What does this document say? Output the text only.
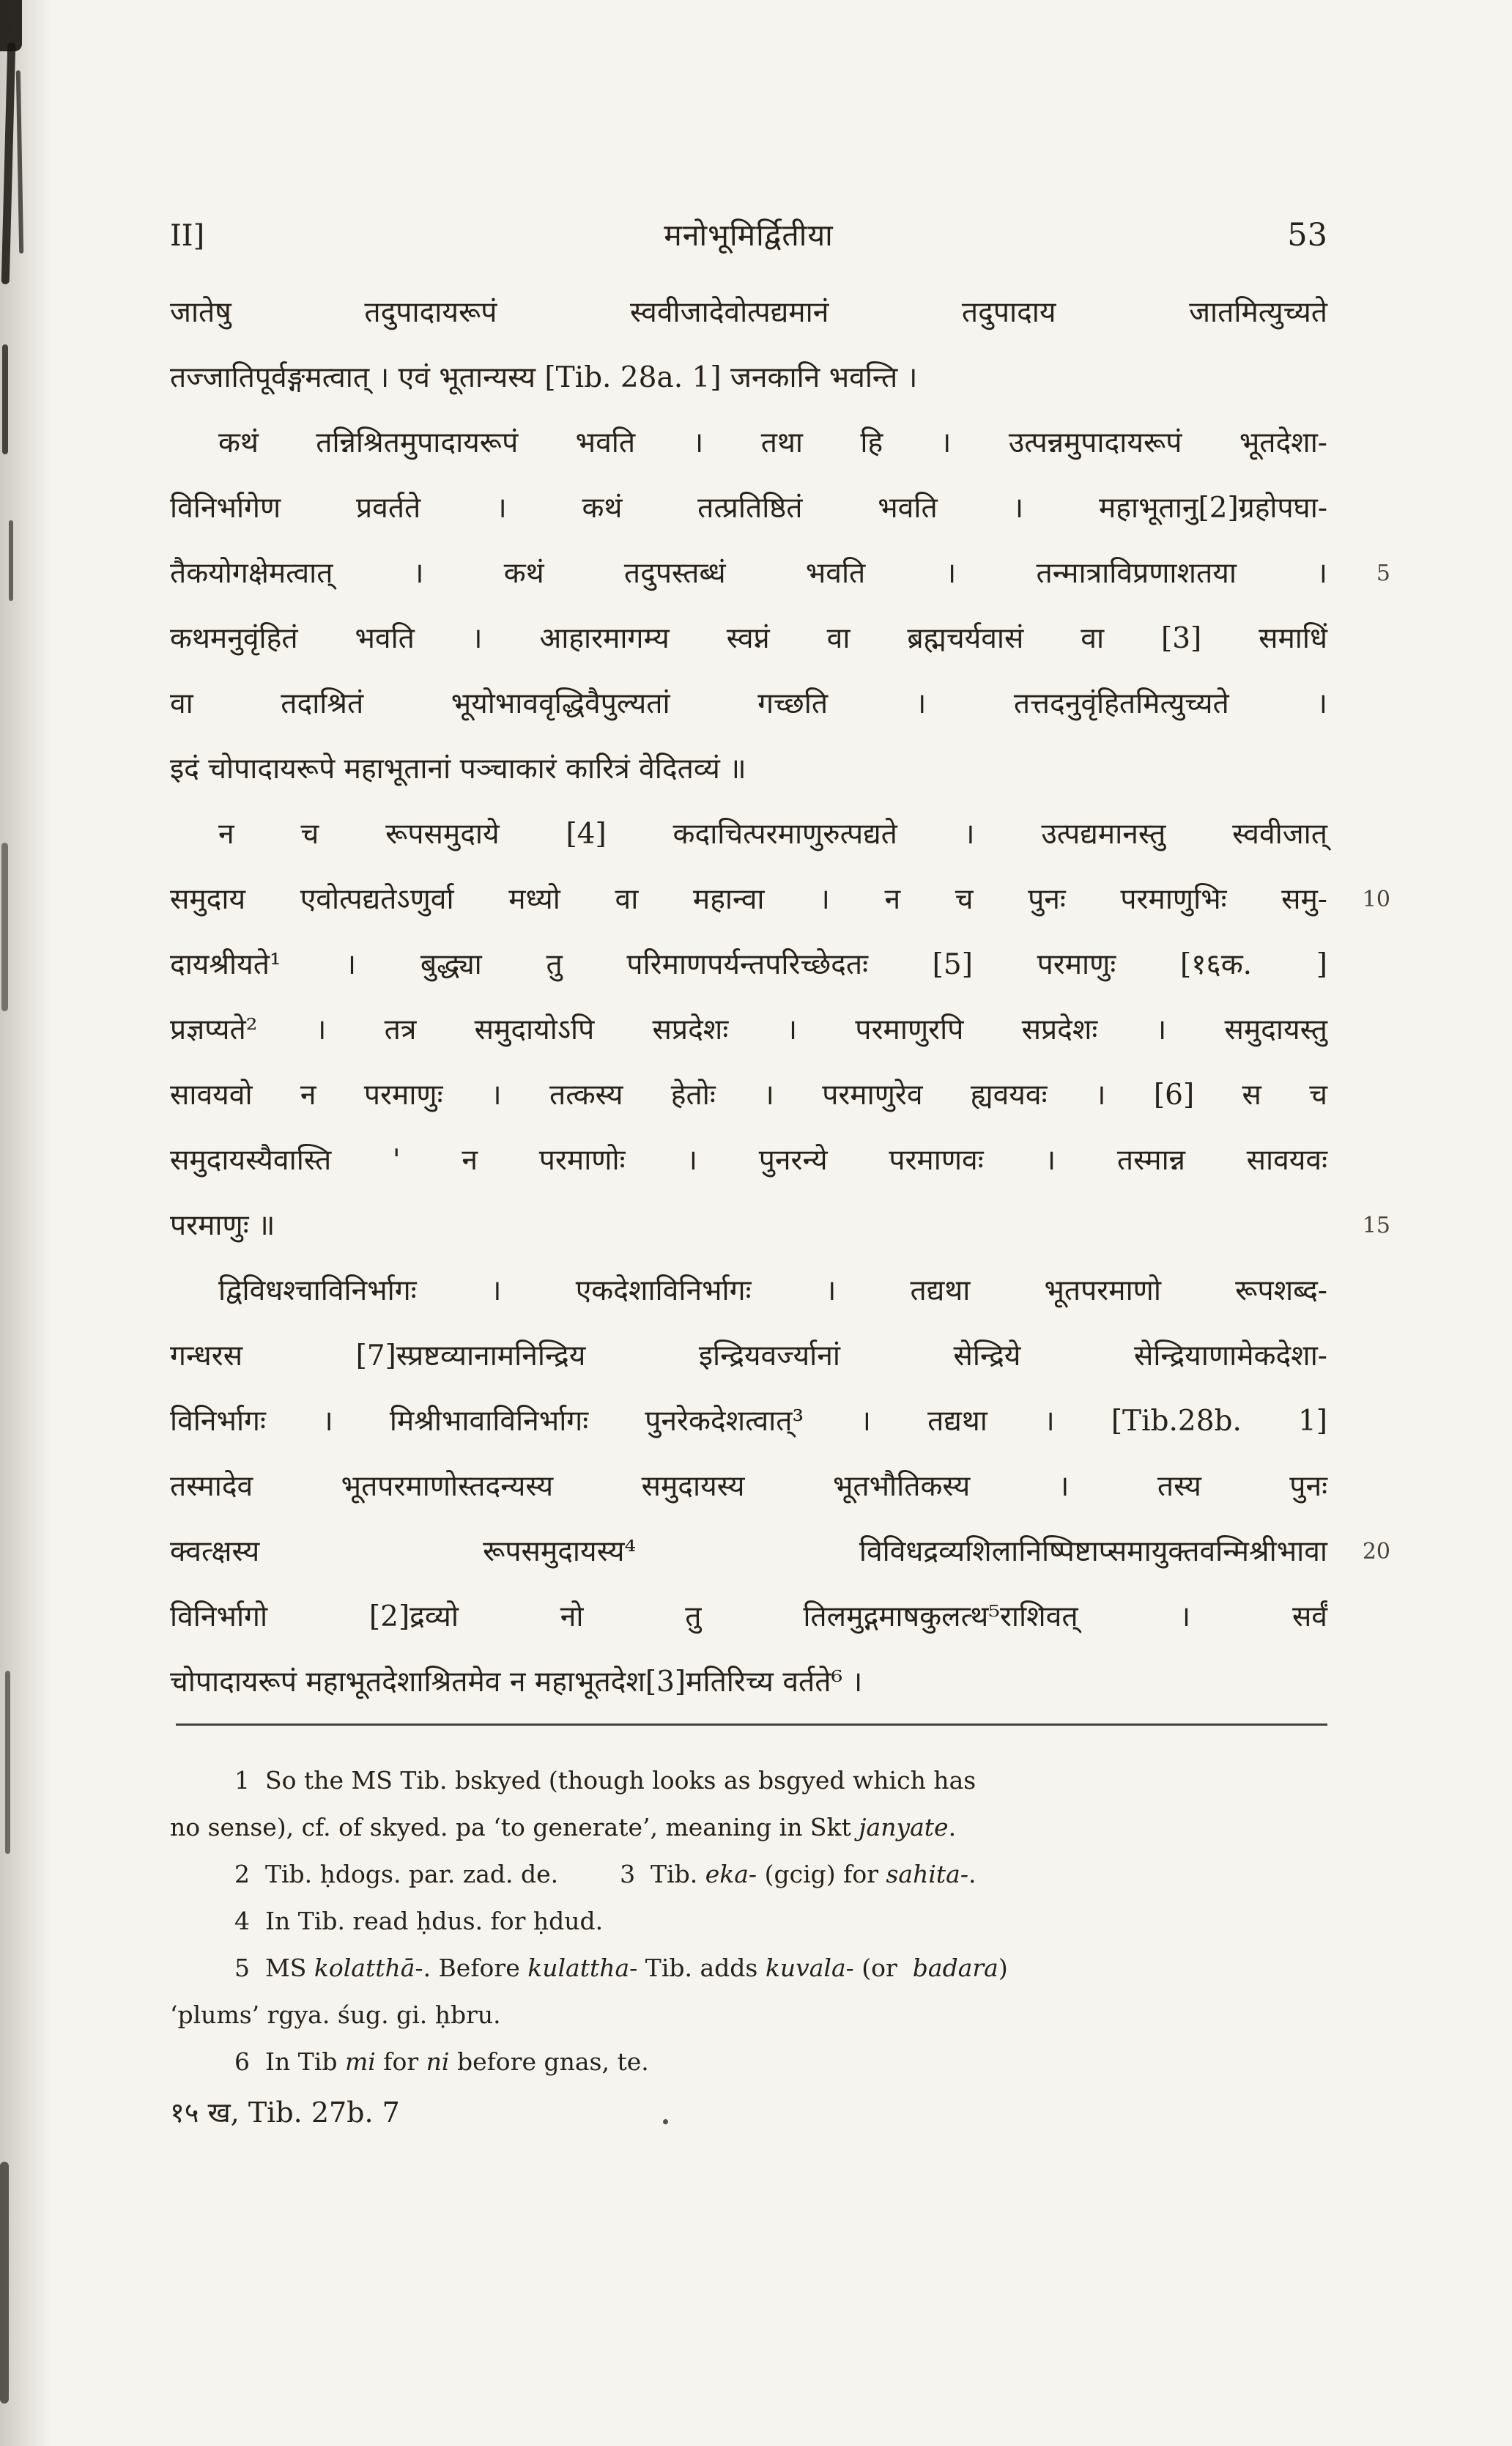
II]	मनोभूमिर्द्वितीया	53
जातेषु तदुपादायरूपं स्ववीजादेवोत्पद्यमानं तदुपादाय जातमित्युच्यते
तज्जातिपूर्वङ्गमत्वात् । एवं भूतान्यस्य [Tib. 28a. 1] जनकानि भवन्ति ।
कथं तन्निश्रितमुपादायरूपं भवति । तथा हि । उत्पन्नमुपादायरूपं भूतदेशा-
विनिर्भागेण प्रवर्तते । कथं तत्प्रतिष्ठितं भवति । महाभूतानु[2]ग्रहोपघा-
तैकयोगक्षेमत्वात् । कथं तदुपस्तब्धं भवति । तन्मात्राविप्रणाशतया । 5
कथमनुवृंहितं भवति । आहारमागम्य स्वप्नं वा ब्रह्मचर्यवासं वा [3] समाधिं
वा तदाश्रितं भूयोभाववृद्धिवैपुल्यतां गच्छति । तत्तदनुवृंहितमित्युच्यते ।
इदं चोपादायरूपे महाभूतानां पञ्चाकारं कारित्रं वेदितव्यं ॥
न च रूपसमुदाये [4] कदाचित्परमाणुरुत्पद्यते । उत्पद्यमानस्तु स्ववीजात्
समुदाय एवोत्पद्यतेऽणुर्वा मध्यो वा महान्वा । न च पुनः परमाणुभिः समु- 10
दायश्रीयते¹ । बुद्ध्या तु परिमाणपर्यन्तपरिच्छेदतः [5] परमाणुः [१६क. ]
प्रज्ञप्यते² । तत्र समुदायोऽपि सप्रदेशः । परमाणुरपि सप्रदेशः । समुदायस्तु
सावयवो न परमाणुः । तत्कस्य हेतोः । परमाणुरेव ह्यवयवः । [6] स च
समुदायस्यैवास्ति ' न परमाणोः । पुनरन्ये परमाणवः । तस्मान्न सावयवः
परमाणुः ॥	15
द्विविधश्चाविनिर्भागः । एकदेशाविनिर्भागः । तद्यथा भूतपरमाणो रूपशब्द-
गन्धरस [7]स्प्रष्टव्यानामनिन्द्रिय इन्द्रियवर्ज्यानां सेन्द्रिये सेन्द्रियाणामेकदेशा-
विनिर्भागः । मिश्रीभावाविनिर्भागः पुनरेकदेशत्वात्³ । तद्यथा । [Tib.28b. 1]
तस्मादेव भूतपरमाणोस्तदन्यस्य समुदायस्य भूतभौतिकस्य । तस्य पुनः
क्वत्क्षस्य रूपसमुदायस्य⁴ विविधद्रव्यशिलानिष्पिष्टाप्समायुक्तवन्मिश्रीभावा 20
विनिर्भागो [2]द्रव्यो नो तु तिलमुद्गमाषकुलत्थ⁵राशिवत् । सर्वं
चोपादायरूपं महाभूतदेशाश्रितमेव न महाभूतदेश[3]मतिरिच्य वर्तते⁶ ।
1  So the MS Tib. bskyed (though looks as bsgyed which has
no sense), cf. of skyed. pa ‘to generate’, meaning in Skt janyate.
2  Tib. ḥdogs. par. zad. de.        3  Tib. eka- (gcig) for sahita-.
4  In Tib. read ḥdus. for ḥdud.
5  MS kolatthā-. Before kulattha- Tib. adds kuvala- (or  badara)
‘plums’ rgya. śug. gi. ḥbru.
6  In Tib mi for ni before gnas, te.
१५ ख, Tib. 27b. 7
